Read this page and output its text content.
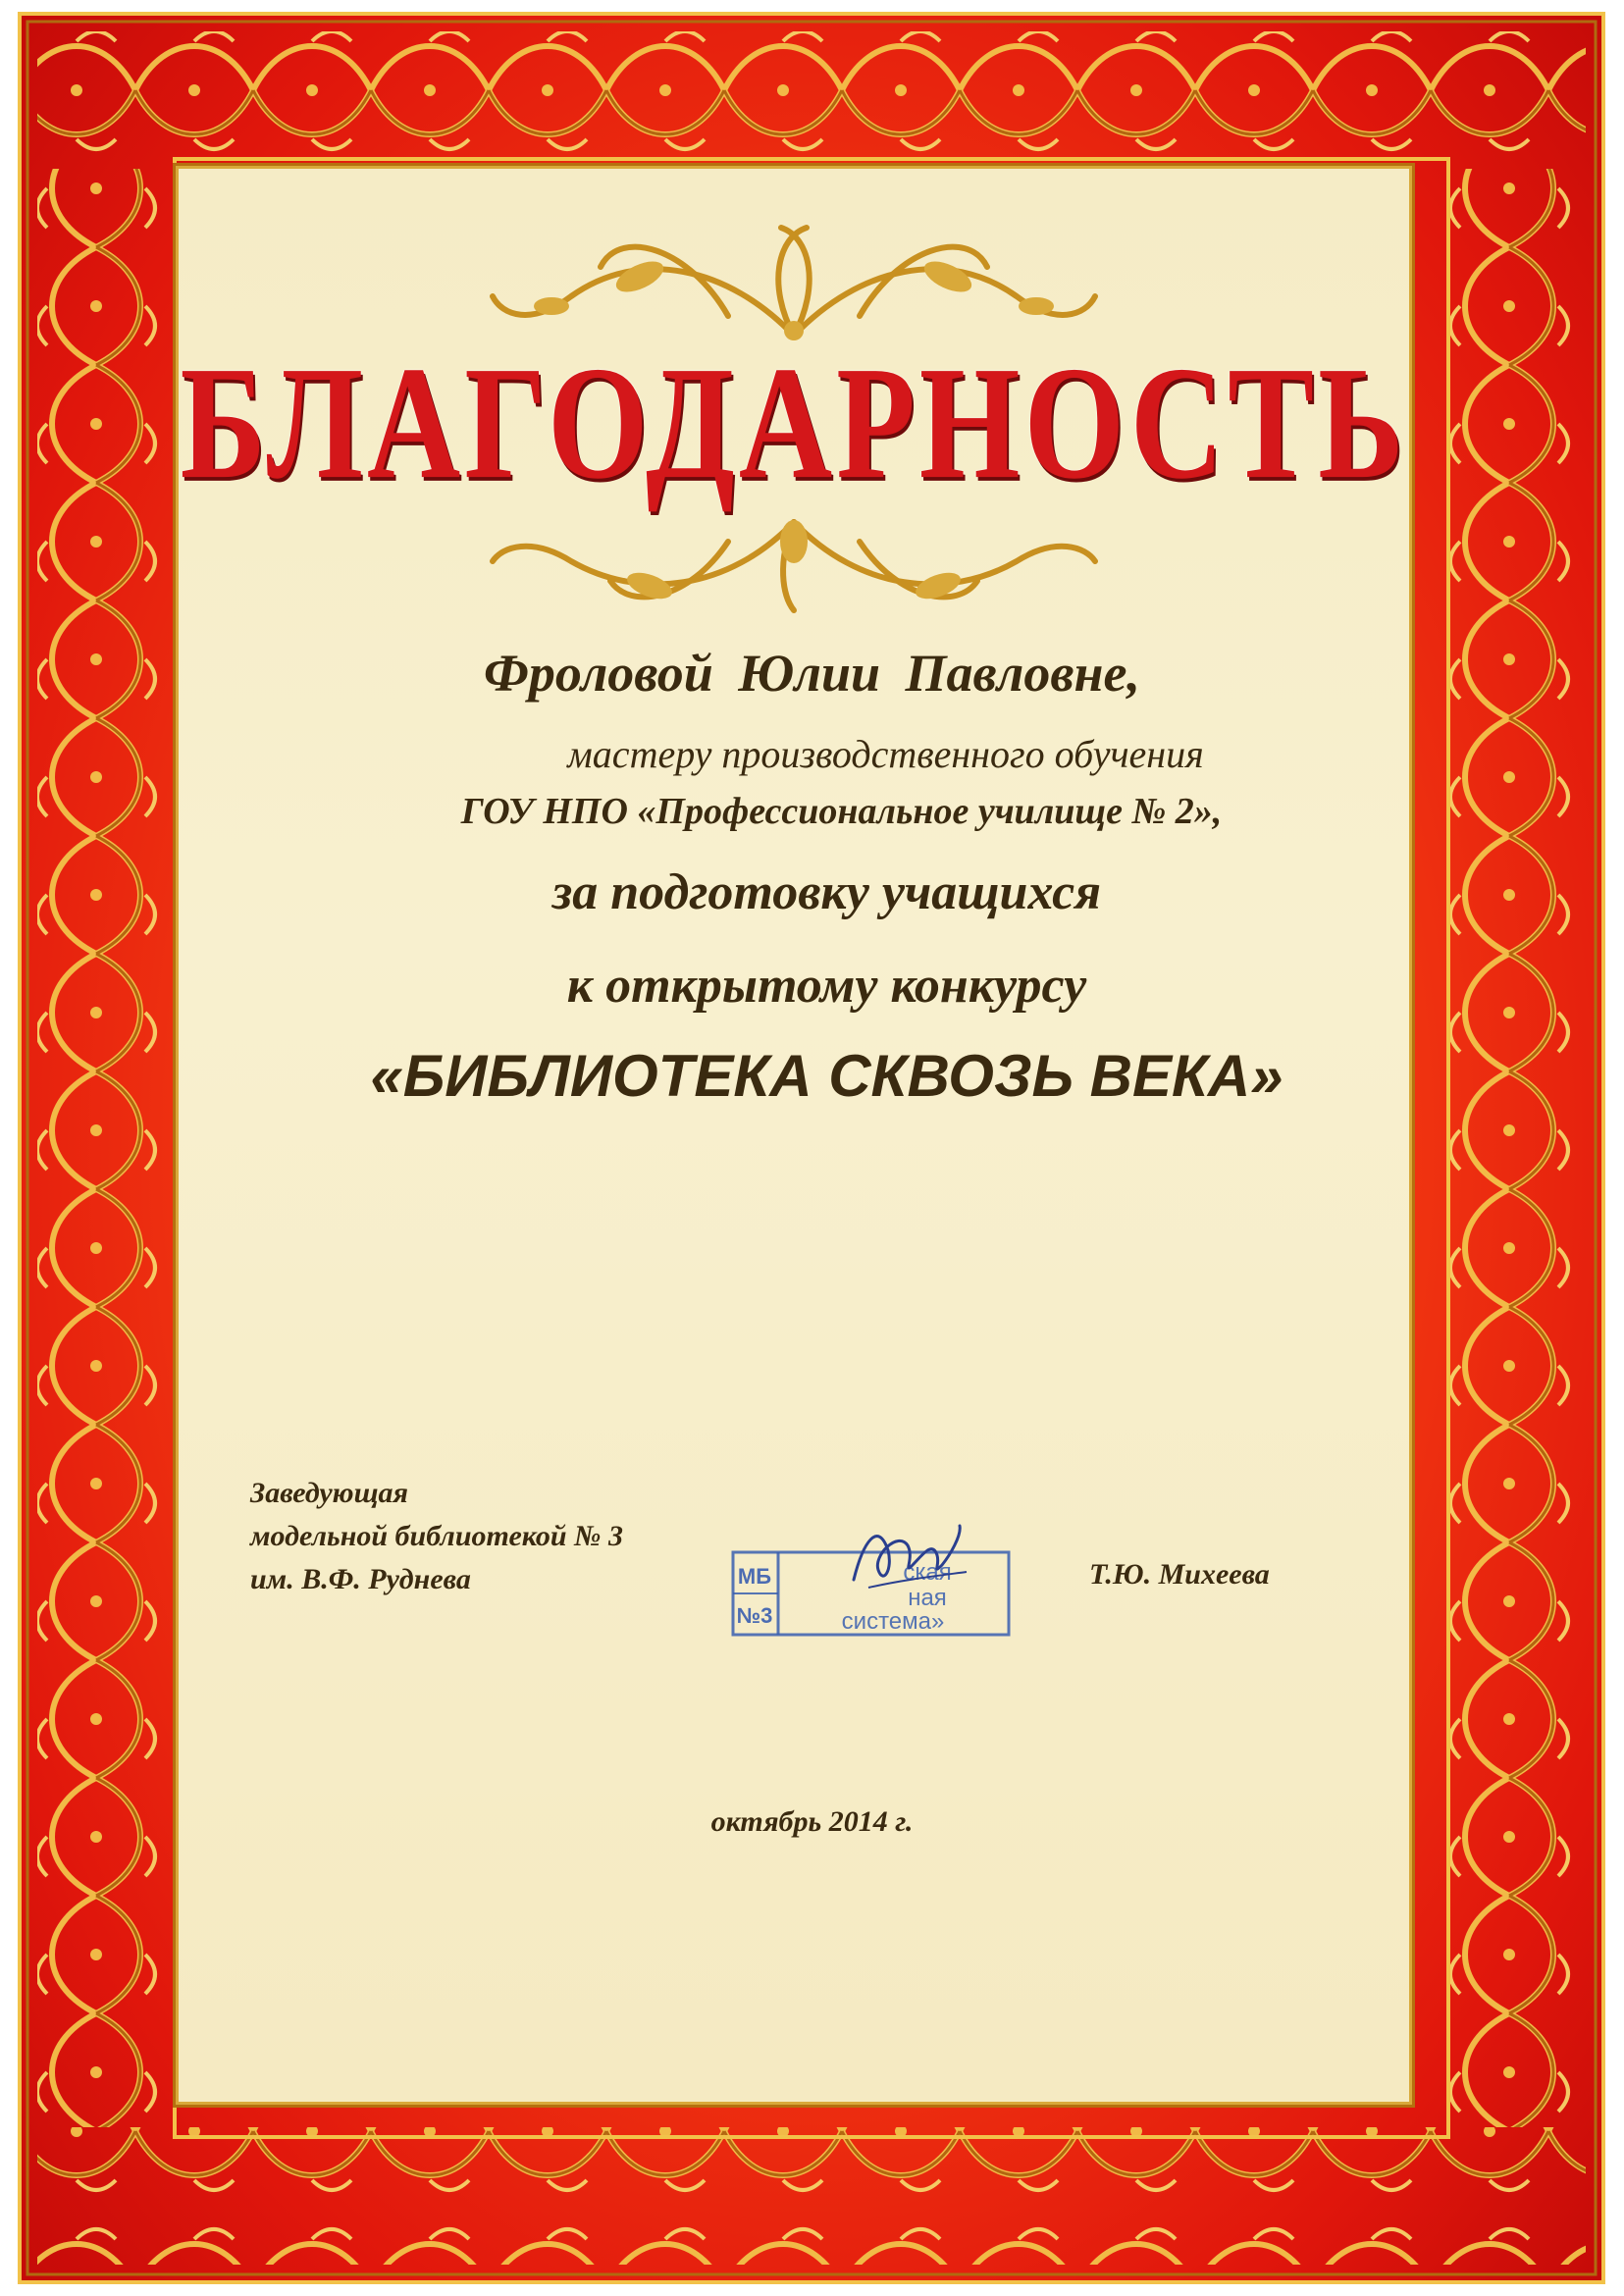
БЛАГОДАРНОСТЬ
Фроловой Юлии Павловне,
мастеру производственного обучения
ГОУ НПО «Профессиональное училище № 2»,
за подготовку учащихся
к открытому конкурсу
«БИБЛИОТЕКА СКВОЗЬ ВЕКА»
Заведующая
модельной библиотекой № 3
им. В.Ф. Руднева	МБ
№3
ская
ная
система»
Т.Ю. Михеева
октябрь 2014 г.
